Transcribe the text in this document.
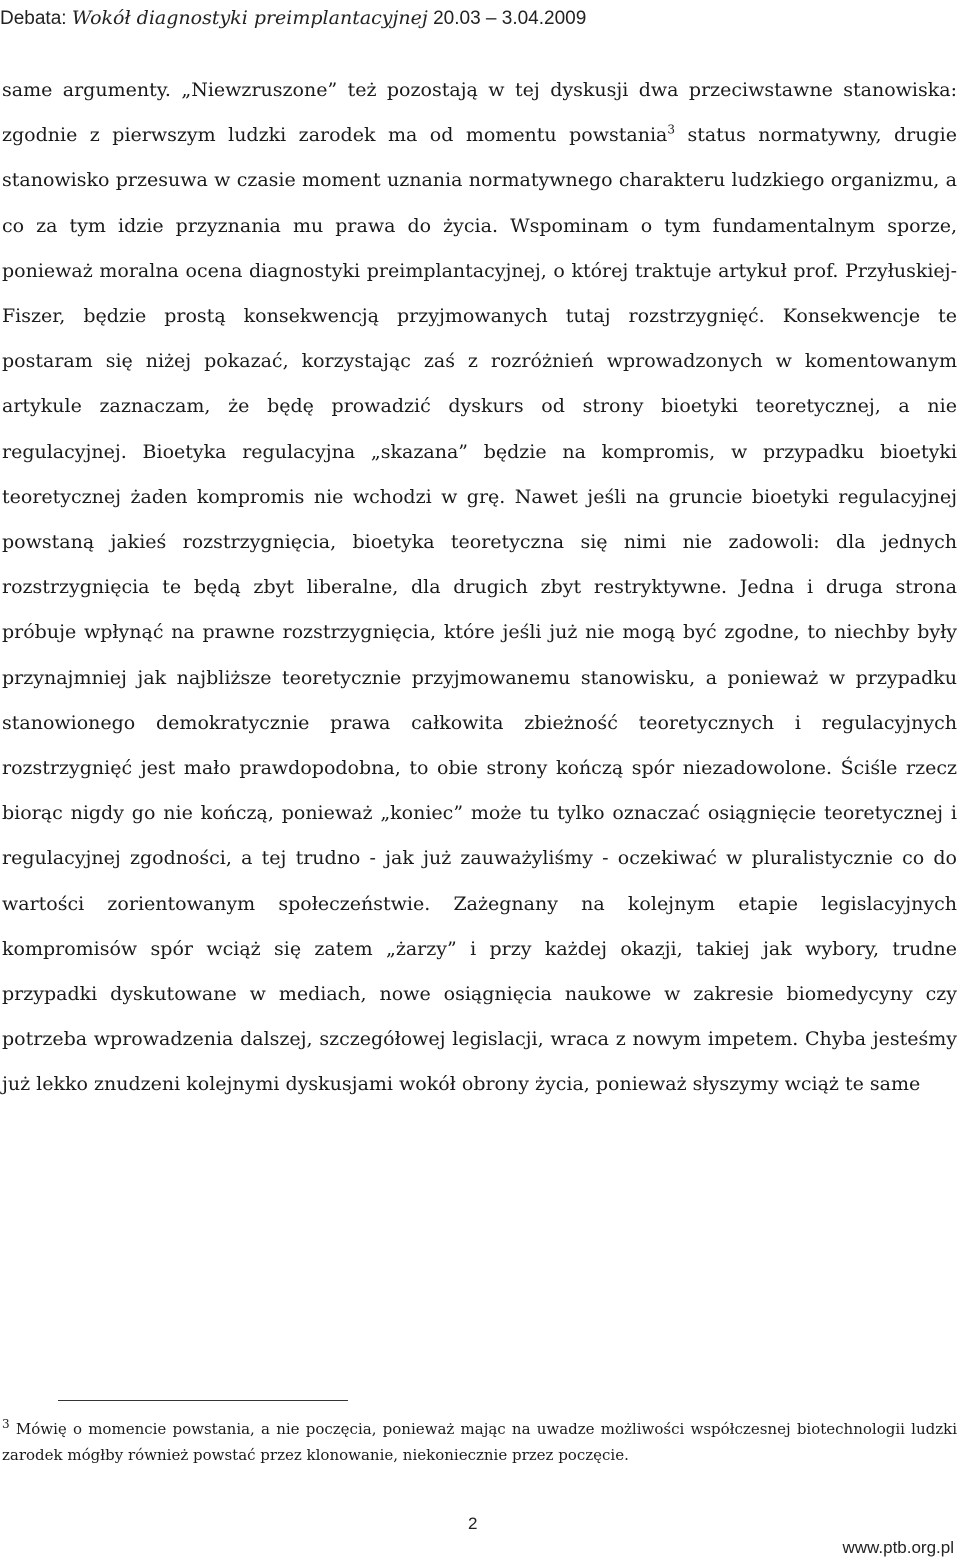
Debata: Wokół diagnostyki preimplantacyjnej 20.03 – 3.04.2009

same argumenty. „Niewzruszone” też pozostają w tej dyskusji dwa przeciwstawne stanowiska: zgodnie z pierwszym ludzki zarodek ma od momentu powstania$^3$ status normatywny, drugie stanowisko przesuwa w czasie moment uznania normatywnego charakteru ludzkiego organizmu, a co za tym idzie przyznania mu prawa do życia. Wspominam o tym fundamentalnym sporze, ponieważ moralna ocena diagnostyki preimplantacyjnej, o której traktuje artykuł prof. Przyłuskiej-Fiszer, będzie prostą konsekwencją przyjmowanych tutaj rozstrzygnięć. Konsekwencje te postaram się niżej pokazać, korzystając zaś z rozróżnień wprowadzonych w komentowanym artykule zaznaczam, że będę prowadzić dyskurs od strony bioetyki teoretycznej, a nie regulacyjnej. Bioetyka regulacyjna „skazana” będzie na kompromis, w przypadku bioetyki teoretycznej żaden kompromis nie wchodzi w grę. Nawet jeśli na gruncie bioetyki regulacyjnej powstaną jakieś rozstrzygnięcia, bioetyka teoretyczna się nimi nie zadowoli: dla jednych rozstrzygnięcia te będą zbyt liberalne, dla drugich zbyt restryktywne. Jedna i druga strona próbuje wpłynąć na prawne rozstrzygnięcia, które jeśli już nie mogą być zgodne, to niechby były przynajmniej jak najbliższe teoretycznie przyjmowanemu stanowisku, a ponieważ w przypadku stanowionego demokratycznie prawa całkowita zbieżność teoretycznych i regulacyjnych rozstrzygnięć jest mało prawdopodobna, to obie strony kończą spór niezadowolone. Ściśle rzecz biorąc nigdy go nie kończą, ponieważ „koniec” może tu tylko oznaczać osiągnięcie teoretycznej i regulacyjnej zgodności, a tej trudno - jak już zauważyliśmy - oczekiwać w pluralistycznie co do wartości zorientowanym społeczeństwie. Zażegnany na kolejnym etapie legislacyjnych kompromisów spór wciąż się zatem „żarzy” i przy każdej okazji, takiej jak wybory, trudne przypadki dyskutowane w mediach, nowe osiągnięcia naukowe w zakresie biomedycyny czy potrzeba wprowadzenia dalszej, szczegółowej legislacji, wraca z nowym impetem. Chyba jesteśmy już lekko znudzeni kolejnymi dyskusjami wokół obrony życia, ponieważ słyszymy wciąż te same

$^3$ Mówię o momencie powstania, a nie poczęcia, ponieważ mając na uwadze możliwości współczesnej biotechnologii ludzki zarodek mógłby również powstać przez klonowanie, niekoniecznie przez poczęcie.

2
www.ptb.org.pl
